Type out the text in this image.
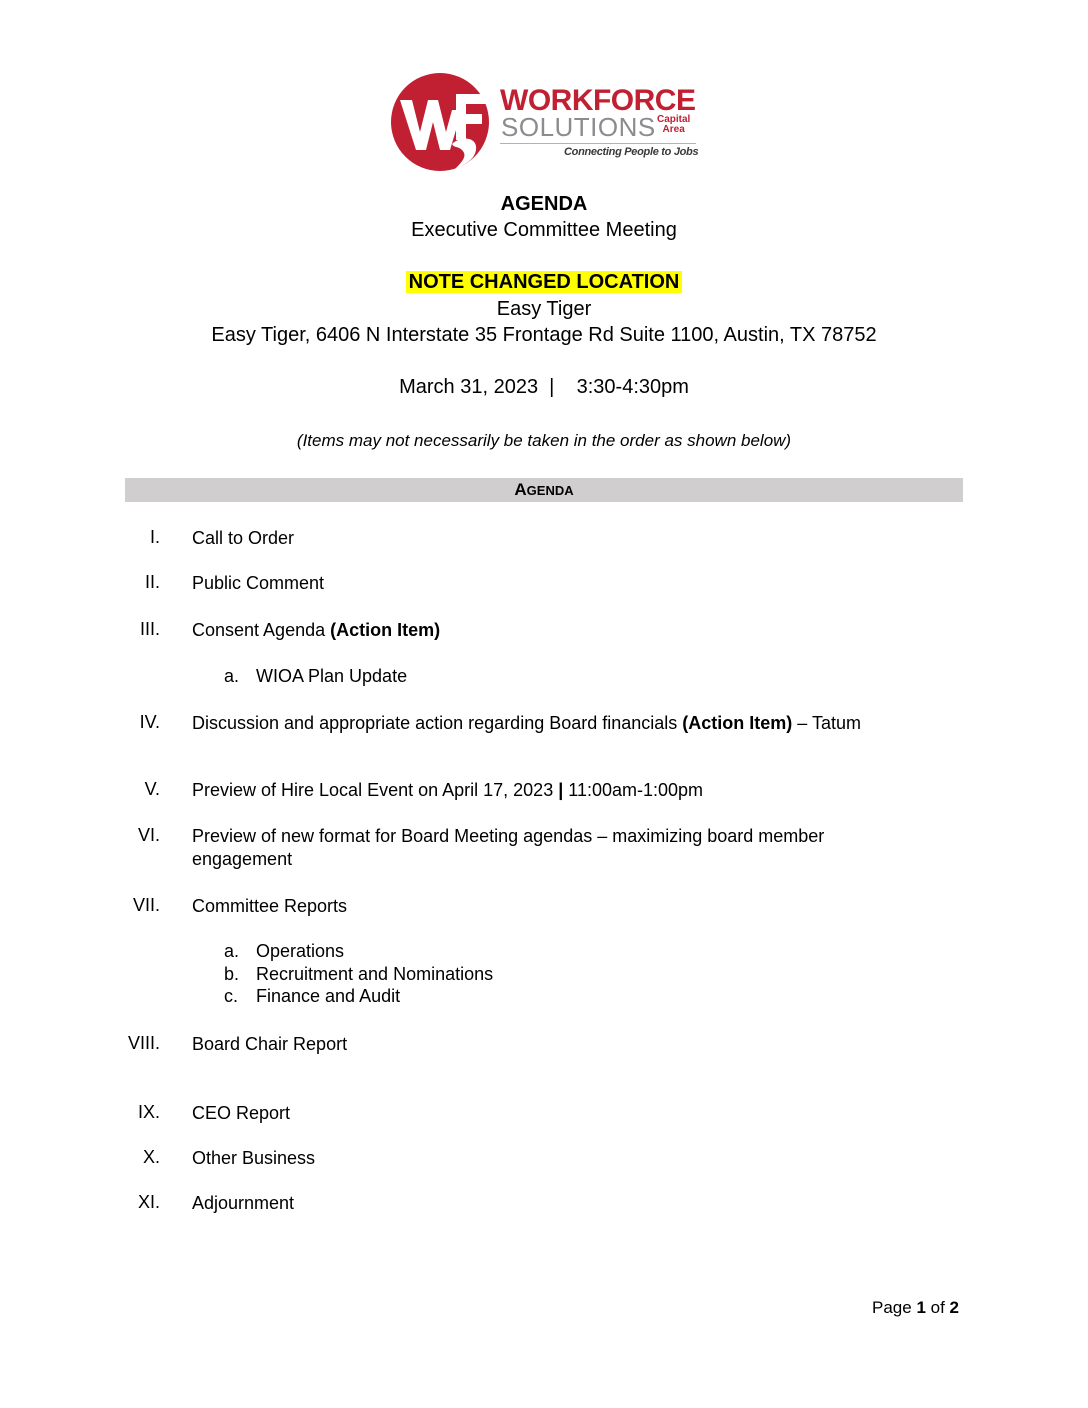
WORKFORCE
SOLUTIONS Capital
Area
Connecting People to Jobs
AGENDA
Executive Committee Meeting
NOTE CHANGED LOCATION
Easy Tiger
Easy Tiger, 6406 N Interstate 35 Frontage Rd Suite 1100, Austin, TX 78752
March 31, 2023  |    3:30-4:30pm
(Items may not necessarily be taken in the order as shown below)
AGENDA
I. Call to Order
II. Public Comment
III. Consent Agenda (Action Item)
a. WIOA Plan Update
IV. Discussion and appropriate action regarding Board financials (Action Item) – Tatum
V. Preview of Hire Local Event on April 17, 2023 | 11:00am-1:00pm
VI. Preview of new format for Board Meeting agendas – maximizing board member engagement
VII. Committee Reports
a. Operations
b. Recruitment and Nominations
c. Finance and Audit
VIII. Board Chair Report
IX. CEO Report
X. Other Business
XI. Adjournment
Page 1 of 2
